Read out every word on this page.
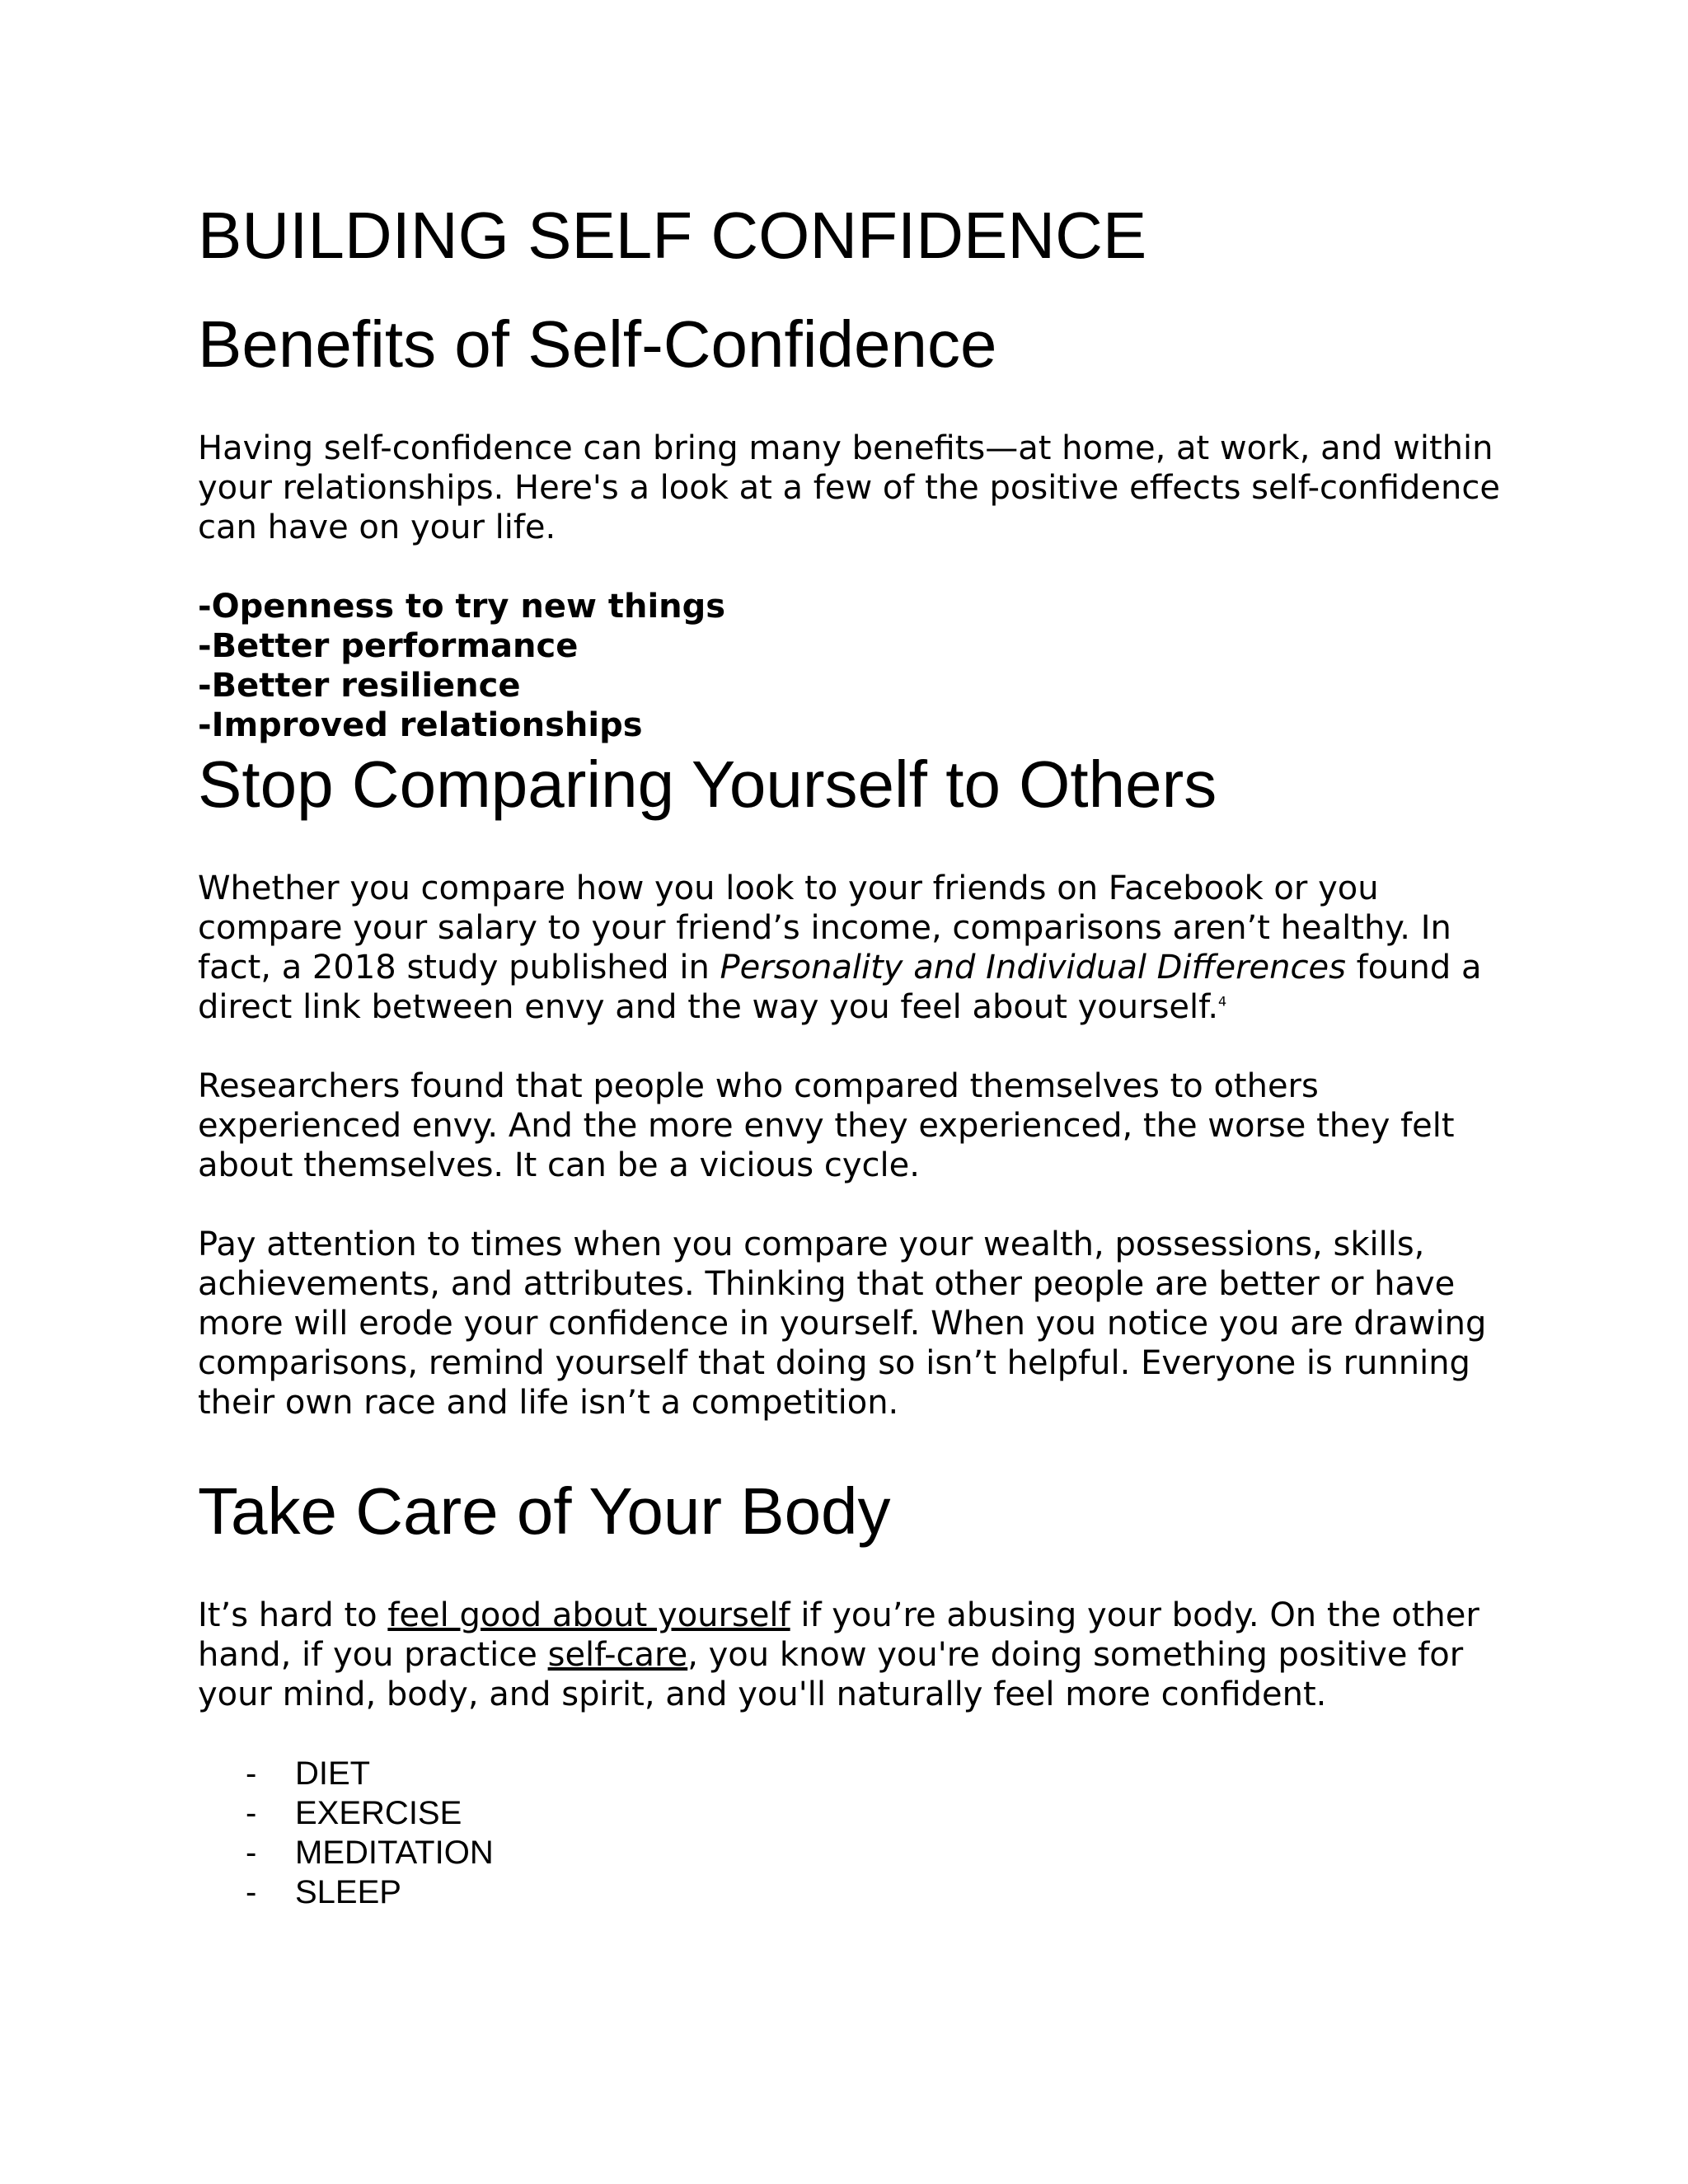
BUILDING SELF CONFIDENCE
Benefits of Self-Confidence

Having self-confidence can bring many benefits—at home, at work, and within your relationships. Here's a look at a few of the positive effects self-confidence can have on your life.

-Openness to try new things
-Better performance
-Better resilience
-Improved relationships
Stop Comparing Yourself to Others

Whether you compare how you look to your friends on Facebook or you compare your salary to your friend’s income, comparisons aren’t healthy. In fact, a 2018 study published in Personality and Individual Differences found a direct link between envy and the way you feel about yourself.$^4$

Researchers found that people who compared themselves to others experienced envy. And the more envy they experienced, the worse they felt about themselves. It can be a vicious cycle.

Pay attention to times when you compare your wealth, possessions, skills, achievements, and attributes. Thinking that other people are better or have more will erode your confidence in yourself. When you notice you are drawing comparisons, remind yourself that doing so isn’t helpful. Everyone is running their own race and life isn’t a competition.

Take Care of Your Body

It’s hard to feel good about yourself if you’re abusing your body. On the other hand, if you practice self-care, you know you're doing something positive for your mind, body, and spirit, and you'll naturally feel more confident.

- DIET
- EXERCISE
- MEDITATION
- SLEEP
